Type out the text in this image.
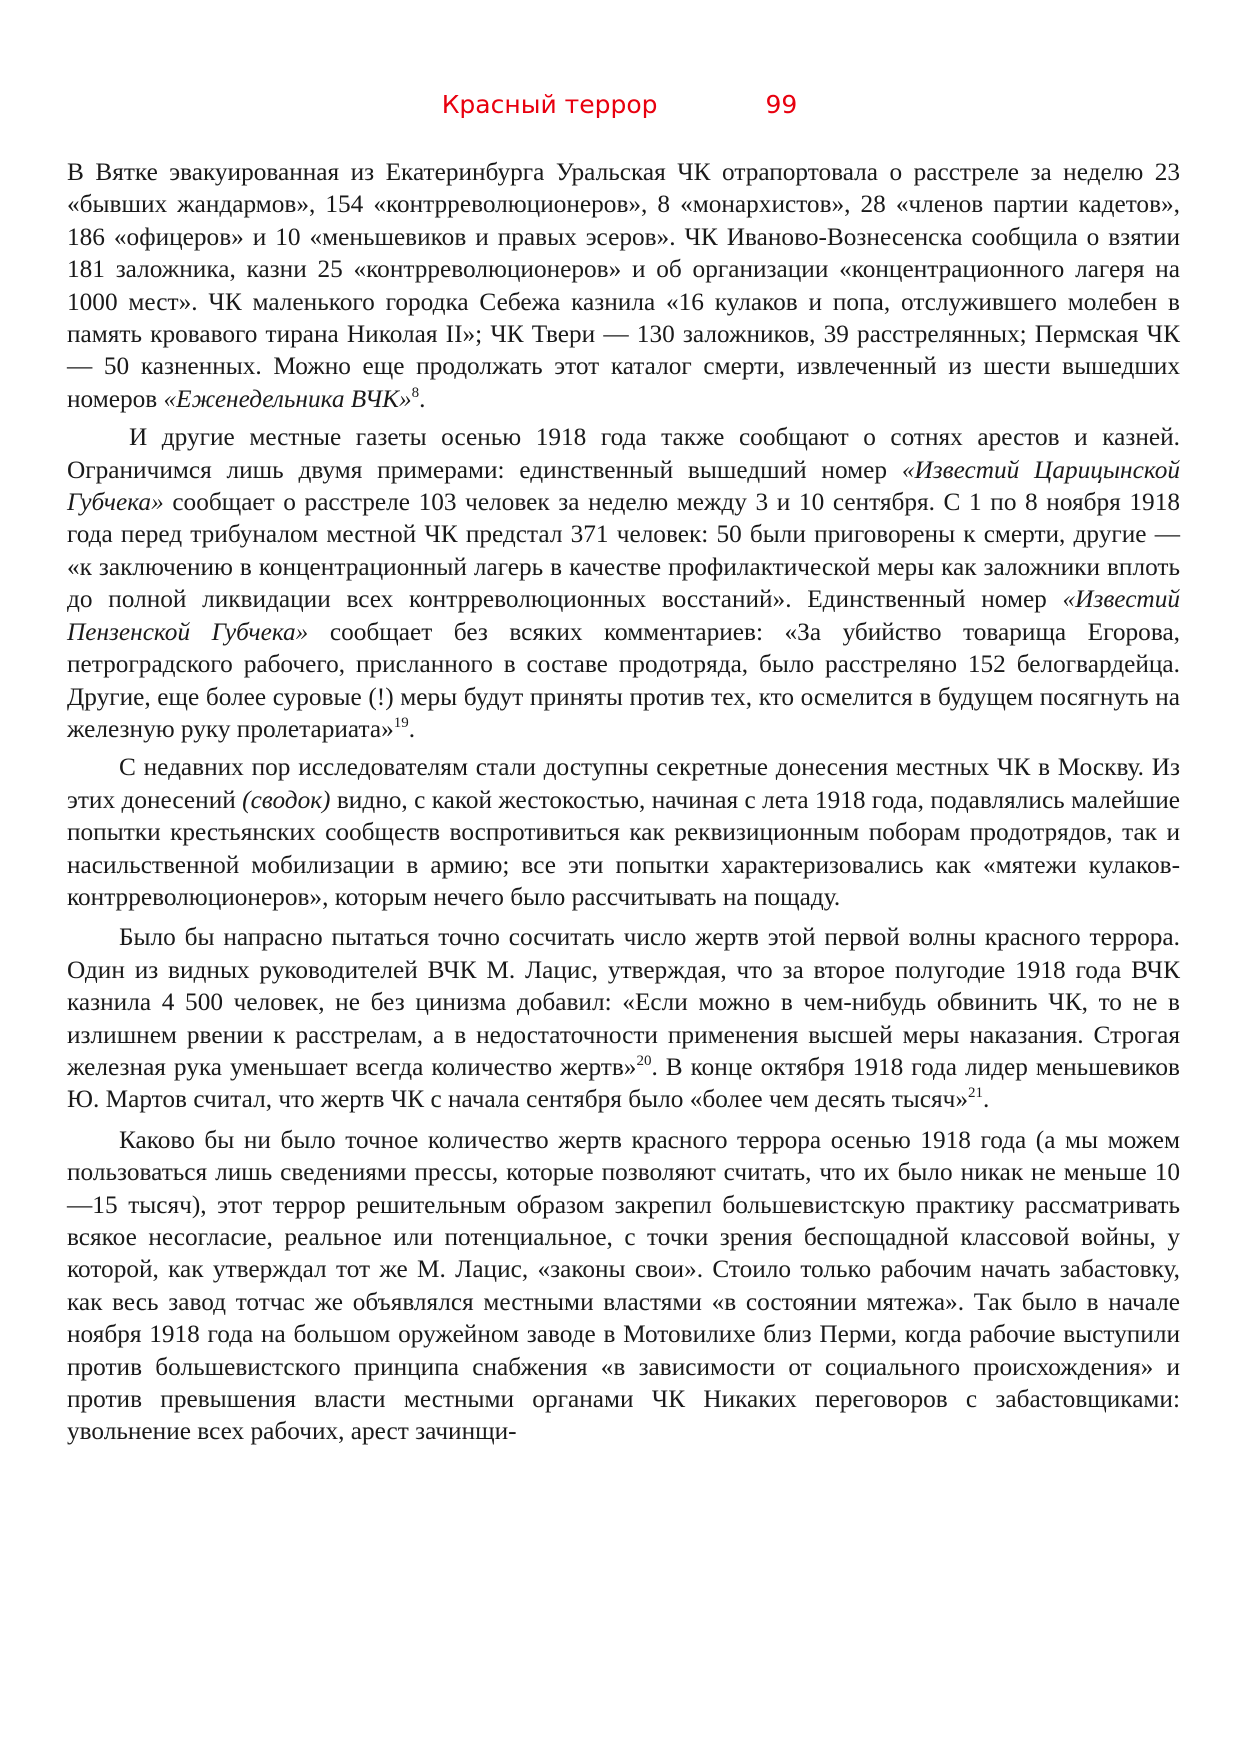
Красный террор	99

В Вятке эвакуированная из Екатеринбурга Уральская ЧК отрапортовала о расстреле за неделю 23 «бывших жандармов», 154 «контрреволюционеров», 8 «монархистов», 28 «членов партии кадетов», 186 «офицеров» и 10 «меньшевиков и правых эсеров». ЧК Иваново-Вознесенска сообщила о взятии 181 заложника, казни 25 «контрреволюционеров» и об организации «концентрационного лагеря на 1000 мест». ЧК маленького городка Себежа казнила «16 кулаков и попа, отслужившего молебен в память кровавого тирана Николая II»; ЧК Твери — 130 заложников, 39 расстрелянных; Пермская ЧК — 50 казненных. Можно еще продолжать этот каталог смерти, извлеченный из шести вышедших номеров «Еженедельника ВЧК»$^8$.

И другие местные газеты осенью 1918 года также сообщают о сотнях арестов и казней. Ограничимся лишь двумя примерами: единственный вышедший номер «Известий Царицынской Губчека» сообщает о расстреле 103 человек за неделю между 3 и 10 сентября. С 1 по 8 ноября 1918 года перед трибуналом местной ЧК предстал 371 человек: 50 были приговорены к смерти, другие — «к заключению в концентрационный лагерь в качестве профилактической меры как заложники вплоть до полной ликвидации всех контрреволюционных восстаний». Единственный номер «Известий Пензенской Губчека» сообщает без всяких комментариев: «За убийство товарища Егорова, петроградского рабочего, присланного в составе продотряда, было расстреляно 152 белогвардейца. Другие, еще более суровые (!) меры будут приняты против тех, кто осмелится в будущем посягнуть на железную руку пролетариата»$^{19}$.

С недавних пор исследователям стали доступны секретные донесения местных ЧК в Москву. Из этих донесений (сводок) видно, с какой жестокостью, начиная с лета 1918 года, подавлялись малейшие попытки крестьянских сообществ воспротивиться как реквизиционным поборам продотрядов, так и насильственной мобилизации в армию; все эти попытки характеризовались как «мятежи кулаков-контрреволюционеров», которым нечего было рассчитывать на пощаду.

Было бы напрасно пытаться точно сосчитать число жертв этой первой волны красного террора. Один из видных руководителей ВЧК М. Лацис, утверждая, что за второе полугодие 1918 года ВЧК казнила 4 500 человек, не без цинизма добавил: «Если можно в чем-нибудь обвинить ЧК, то не в излишнем рвении к расстрелам, а в недостаточности применения высшей меры наказания. Строгая железная рука уменьшает всегда количество жертв»$^{20}$. В конце октября 1918 года лидер меньшевиков Ю. Мартов считал, что жертв ЧК с начала сентября было «более чем десять тысяч»$^{21}$.

Каково бы ни было точное количество жертв красного террора осенью 1918 года (а мы можем пользоваться лишь сведениями прессы, которые позволяют считать, что их было никак не меньше 10—15 тысяч), этот террор решительным образом закрепил большевистскую практику рассматривать всякое несогласие, реальное или потенциальное, с точки зрения беспощадной классовой войны, у которой, как утверждал тот же М. Лацис, «законы свои». Стоило только рабочим начать забастовку, как весь завод тотчас же объявлялся местными властями «в состоянии мятежа». Так было в начале ноября 1918 года на большом оружейном заводе в Мотовилихе близ Перми, когда рабочие выступили против большевистского принципа снабжения «в зависимости от социального происхождения» и против превышения власти местными органами ЧК Никаких переговоров с забастовщиками: увольнение всех рабочих, арест зачинщи-
